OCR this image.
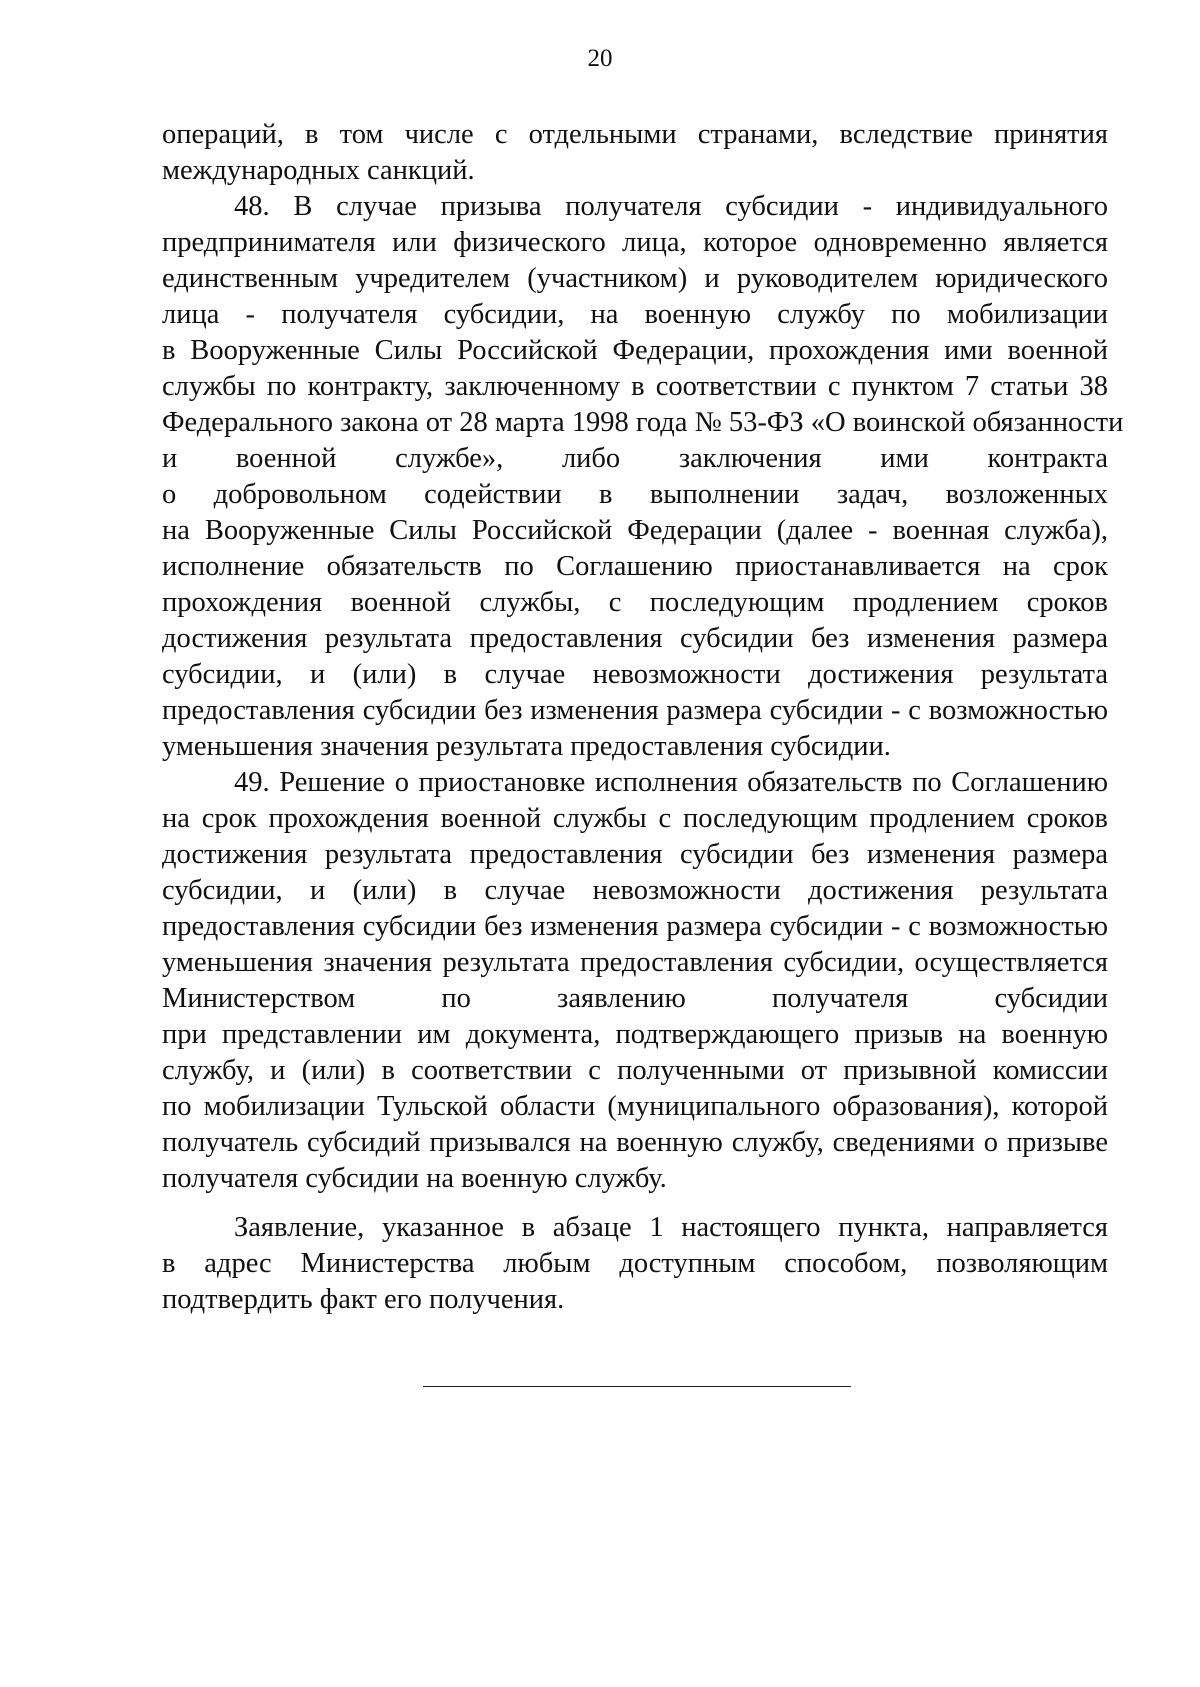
20
операций, в том числе с отдельными странами, вследствие принятия
международных санкций.
48. В случае призыва получателя субсидии - индивидуального
предпринимателя или физического лица, которое одновременно является
единственным учредителем (участником) и руководителем юридического
лица - получателя субсидии, на военную службу по мобилизации
в Вооруженные Силы Российской Федерации, прохождения ими военной
службы по контракту, заключенному в соответствии с пунктом 7 статьи 38
Федерального закона от 28 марта 1998 года № 53-ФЗ «О воинской обязанности
и военной службе», либо заключения ими контракта
о добровольном содействии в выполнении задач, возложенных
на Вооруженные Силы Российской Федерации (далее - военная служба),
исполнение обязательств по Соглашению приостанавливается на срок
прохождения военной службы, с последующим продлением сроков
достижения результата предоставления субсидии без изменения размера
субсидии, и (или) в случае невозможности достижения результата
предоставления субсидии без изменения размера субсидии - с возможностью
уменьшения значения результата предоставления субсидии.
49. Решение о приостановке исполнения обязательств по Соглашению
на срок прохождения военной службы с последующим продлением сроков
достижения результата предоставления субсидии без изменения размера
субсидии, и (или) в случае невозможности достижения результата
предоставления субсидии без изменения размера субсидии - с возможностью
уменьшения значения результата предоставления субсидии, осуществляется
Министерством по заявлению получателя субсидии
при представлении им документа, подтверждающего призыв на военную
службу, и (или) в соответствии с полученными от призывной комиссии
по мобилизации Тульской области (муниципального образования), которой
получатель субсидий призывался на военную службу, сведениями о призыве
получателя субсидии на военную службу.
Заявление, указанное в абзаце 1 настоящего пункта, направляется
в адрес Министерства любым доступным способом, позволяющим
подтвердить факт его получения.
